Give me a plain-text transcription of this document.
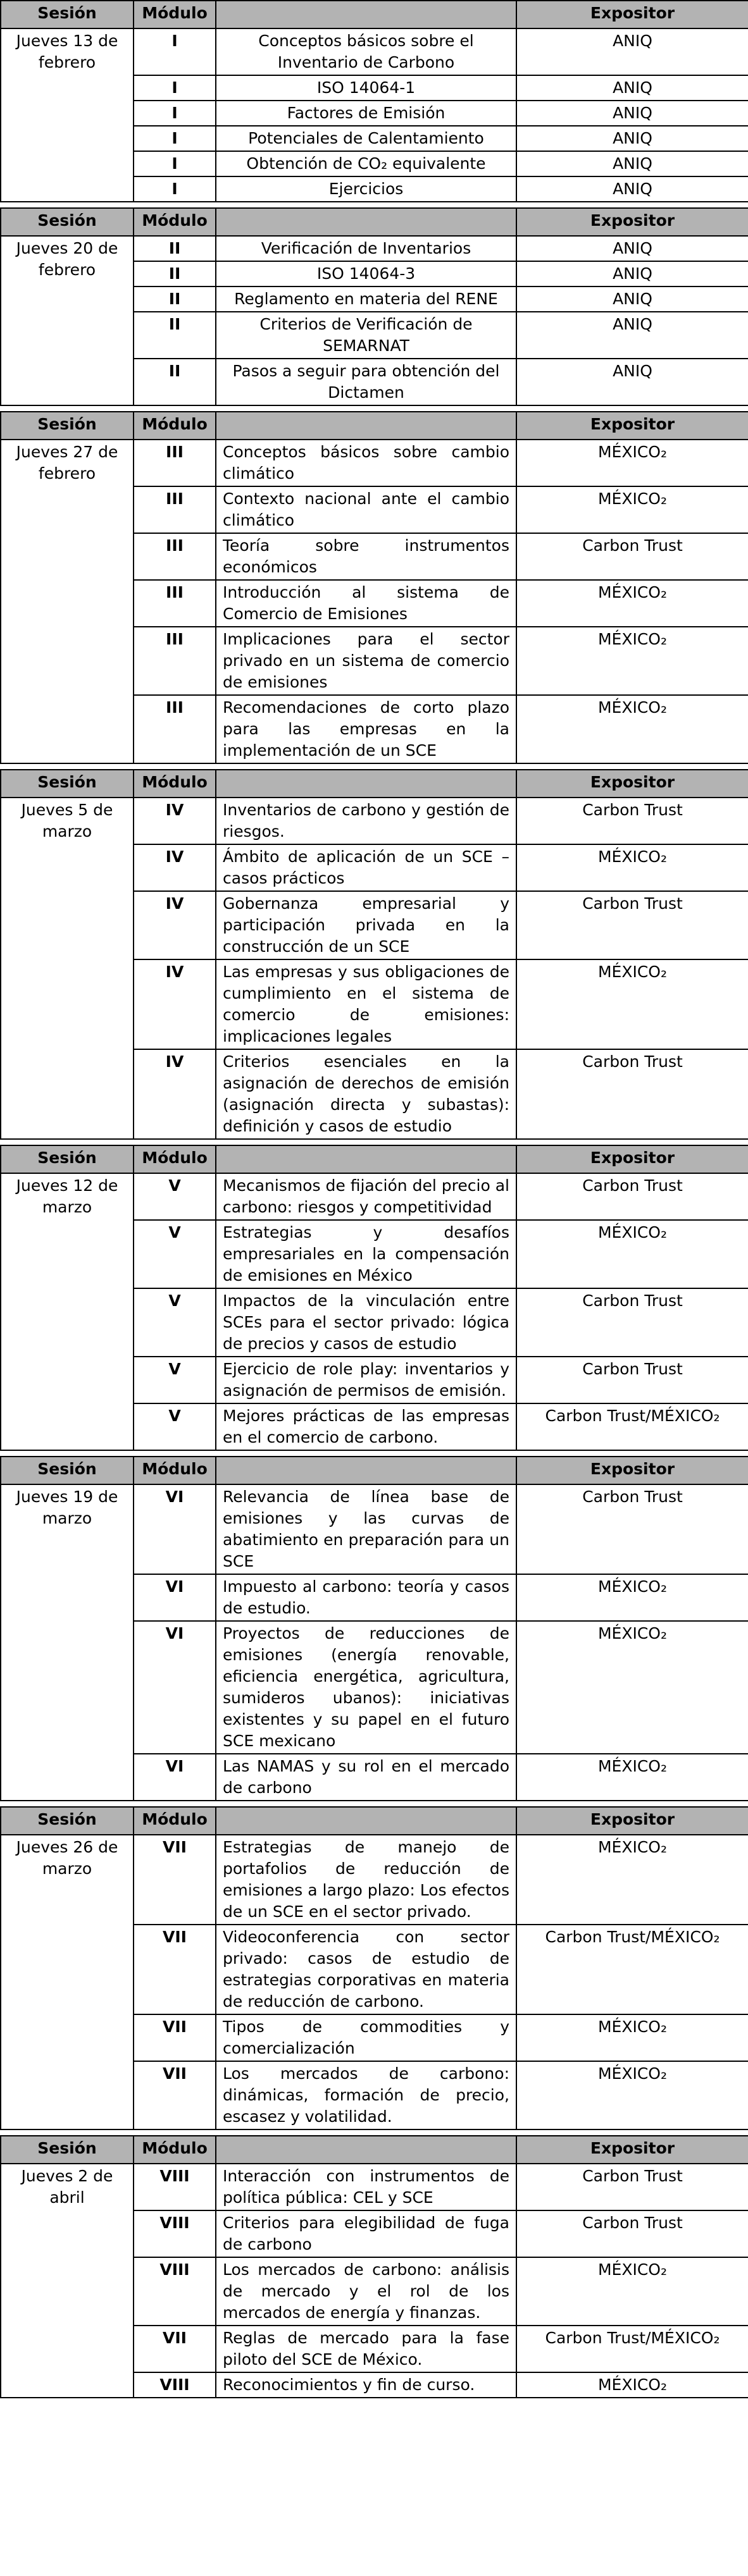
Sesión	Módulo		Expositor
Jueves 13 de febrero	I	Conceptos básicos sobre el Inventario de Carbono	ANIQ
	I	ISO 14064-1	ANIQ
	I	Factores de Emisión	ANIQ
	I	Potenciales de Calentamiento	ANIQ
	I	Obtención de CO₂ equivalente	ANIQ
	I	Ejercicios	ANIQ
Sesión	Módulo		Expositor
Jueves 20 de febrero	II	Verificación de Inventarios	ANIQ
	II	ISO 14064-3	ANIQ
	II	Reglamento en materia del RENE	ANIQ
	II	Criterios de Verificación de SEMARNAT	ANIQ
	II	Pasos a seguir para obtención del Dictamen	ANIQ
Sesión	Módulo		Expositor
Jueves 27 de febrero	III	Conceptos básicos sobre cambio climático	MÉXICO₂
	III	Contexto nacional ante el cambio climático	MÉXICO₂
	III	Teoría sobre instrumentos económicos	Carbon Trust
	III	Introducción al sistema de Comercio de Emisiones	MÉXICO₂
	III	Implicaciones para el sector privado en un sistema de comercio de emisiones	MÉXICO₂
	III	Recomendaciones de corto plazo para las empresas en la implementación de un SCE	MÉXICO₂
Sesión	Módulo		Expositor
Jueves 5 de marzo	IV	Inventarios de carbono y gestión de riesgos.	Carbon Trust
	IV	Ámbito de aplicación de un SCE – casos prácticos	MÉXICO₂
	IV	Gobernanza empresarial y participación privada en la construcción de un SCE	Carbon Trust
	IV	Las empresas y sus obligaciones de cumplimiento en el sistema de comercio de emisiones: implicaciones legales	MÉXICO₂
	IV	Criterios esenciales en la asignación de derechos de emisión (asignación directa y subastas): definición y casos de estudio	Carbon Trust
Sesión	Módulo		Expositor
Jueves 12 de marzo	V	Mecanismos de fijación del precio al carbono: riesgos y competitividad	Carbon Trust
	V	Estrategias y desafíos empresariales en la compensación de emisiones en México	MÉXICO₂
	V	Impactos de la vinculación entre SCEs para el sector privado: lógica de precios y casos de estudio	Carbon Trust
	V	Ejercicio de role play: inventarios y asignación de permisos de emisión.	Carbon Trust
	V	Mejores prácticas de las empresas en el comercio de carbono.	Carbon Trust/MÉXICO₂
Sesión	Módulo		Expositor
Jueves 19 de marzo	VI	Relevancia de línea base de emisiones y las curvas de abatimiento en preparación para un SCE	Carbon Trust
	VI	Impuesto al carbono: teoría y casos de estudio.	MÉXICO₂
	VI	Proyectos de reducciones de emisiones (energía renovable, eficiencia energética, agricultura, sumideros ubanos): iniciativas existentes y su papel en el futuro SCE mexicano	MÉXICO₂
	VI	Las NAMAS y su rol en el mercado de carbono	MÉXICO₂
Sesión	Módulo		Expositor
Jueves 26 de marzo	VII	Estrategias de manejo de portafolios de reducción de emisiones a largo plazo: Los efectos de un SCE en el sector privado.	MÉXICO₂
	VII	Videoconferencia con sector privado: casos de estudio de estrategias corporativas en materia de reducción de carbono.	Carbon Trust/MÉXICO₂
	VII	Tipos de commodities y comercialización	MÉXICO₂
	VII	Los mercados de carbono: dinámicas, formación de precio, escasez y volatilidad.	MÉXICO₂
Sesión	Módulo		Expositor
Jueves 2 de abril	VIII	Interacción con instrumentos de política pública: CEL y SCE	Carbon Trust
	VIII	Criterios para elegibilidad de fuga de carbono	Carbon Trust
	VIII	Los mercados de carbono: análisis de mercado y el rol de los mercados de energía y finanzas.	MÉXICO₂
	VII	Reglas de mercado para la fase piloto del SCE de México.	Carbon Trust/MÉXICO₂
	VIII	Reconocimientos y fin de curso.	MÉXICO₂
